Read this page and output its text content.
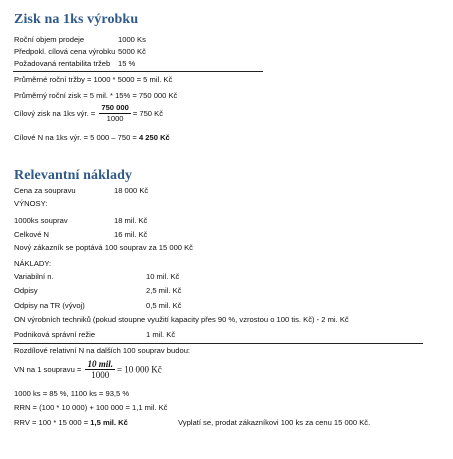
Zisk na 1ks výrobku
Roční objem prodeje	1000 Ks
Předpokl. cílová cena výrobku 5000 Kč
Požadovaná rentabilita tržeb 15 %
Průměrné roční tržby = 1000 * 5000 = 5 mil. Kč
Průměrný roční zisk = 5 mil. * 15% = 750 000 Kč
Cílový zisk na 1ks výr. = $\frac{750 000}{1000} = 750$ Kč
Cílové N na 1ks výr. = 5 000 – 750 = 4 250 Kč
Relevantní náklady
Cena za soupravu	18 000 Kč
VÝNOSY:
1000ks souprav	18 mil. Kč
Celkové N	16 mil. Kč
Nový zákazník se poptává 100 souprav za 15 000 Kč
NÁKLADY:
Variabilní n.	10 mil. Kč
Odpisy	2,5 mil. Kč
Odpisy na TR (vývoj)	0,5 mil. Kč
ON výrobních techniků (pokud stoupne využití kapacity přes 90 %, vzrostou o 100 tis. Kč) - 2 mi. Kč
Podniková správní režie	1 mil. Kč
Rozdílové relativní N na dalších 100 souprav budou:
VN na 1 soupravu = $\frac{\text{10 mil.}}{1000} = 10$ 000 Kč
1000 ks = 85 %, 1100 ks = 93,5 %
RRN = (100 * 10 000) + 100 000 = 1,1 mil. Kč
RRV = 100 * 15 000 = 1,5 mil. Kč	Vyplatí se, prodat zákazníkovi 100 ks za cenu 15 000 Kč.
